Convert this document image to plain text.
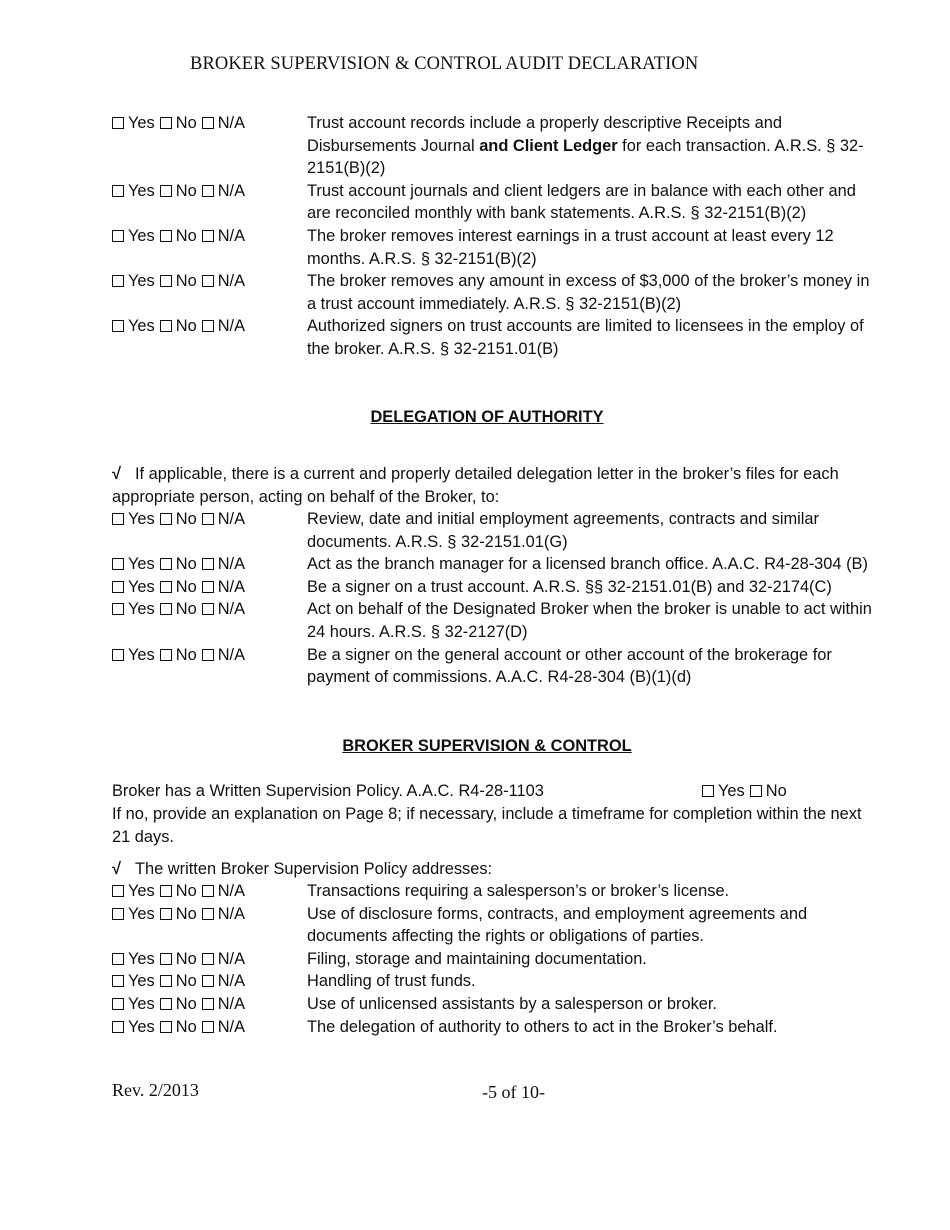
BROKER SUPERVISION & CONTROL AUDIT DECLARATION
Yes No N/A	Trust account records include a properly descriptive Receipts and Disbursements Journal and Client Ledger for each transaction. A.R.S. § 32-2151(B)(2)
Yes No N/A	Trust account journals and client ledgers are in balance with each other and are reconciled monthly with bank statements. A.R.S. § 32-2151(B)(2)
Yes No N/A	The broker removes interest earnings in a trust account at least every 12 months. A.R.S. § 32-2151(B)(2)
Yes No N/A	The broker removes any amount in excess of $3,000 of the broker’s money in a trust account immediately. A.R.S. § 32-2151(B)(2)
Yes No N/A	Authorized signers on trust accounts are limited to licensees in the employ of the broker. A.R.S. § 32-2151.01(B)
DELEGATION OF AUTHORITY
√ If applicable, there is a current and properly detailed delegation letter in the broker’s files for each appropriate person, acting on behalf of the Broker, to:
Yes No N/A	Review, date and initial employment agreements, contracts and similar documents. A.R.S. § 32-2151.01(G)
Yes No N/A	Act as the branch manager for a licensed branch office. A.A.C. R4-28-304 (B)
Yes No N/A	Be a signer on a trust account. A.R.S. §§ 32-2151.01(B) and 32-2174(C)
Yes No N/A	Act on behalf of the Designated Broker when the broker is unable to act within 24 hours. A.R.S. § 32-2127(D)
Yes No N/A	Be a signer on the general account or other account of the brokerage for payment of commissions. A.A.C. R4-28-304 (B)(1)(d)
BROKER SUPERVISION & CONTROL
Broker has a Written Supervision Policy. A.A.C. R4-28-1103	Yes No
If no, provide an explanation on Page 8; if necessary, include a timeframe for completion within the next 21 days.
√ The written Broker Supervision Policy addresses:
Yes No N/A	Transactions requiring a salesperson’s or broker’s license.
Yes No N/A	Use of disclosure forms, contracts, and employment agreements and documents affecting the rights or obligations of parties.
Yes No N/A	Filing, storage and maintaining documentation.
Yes No N/A	Handling of trust funds.
Yes No N/A	Use of unlicensed assistants by a salesperson or broker.
Yes No N/A	The delegation of authority to others to act in the Broker’s behalf.
Rev. 2/2013	-5 of 10-
